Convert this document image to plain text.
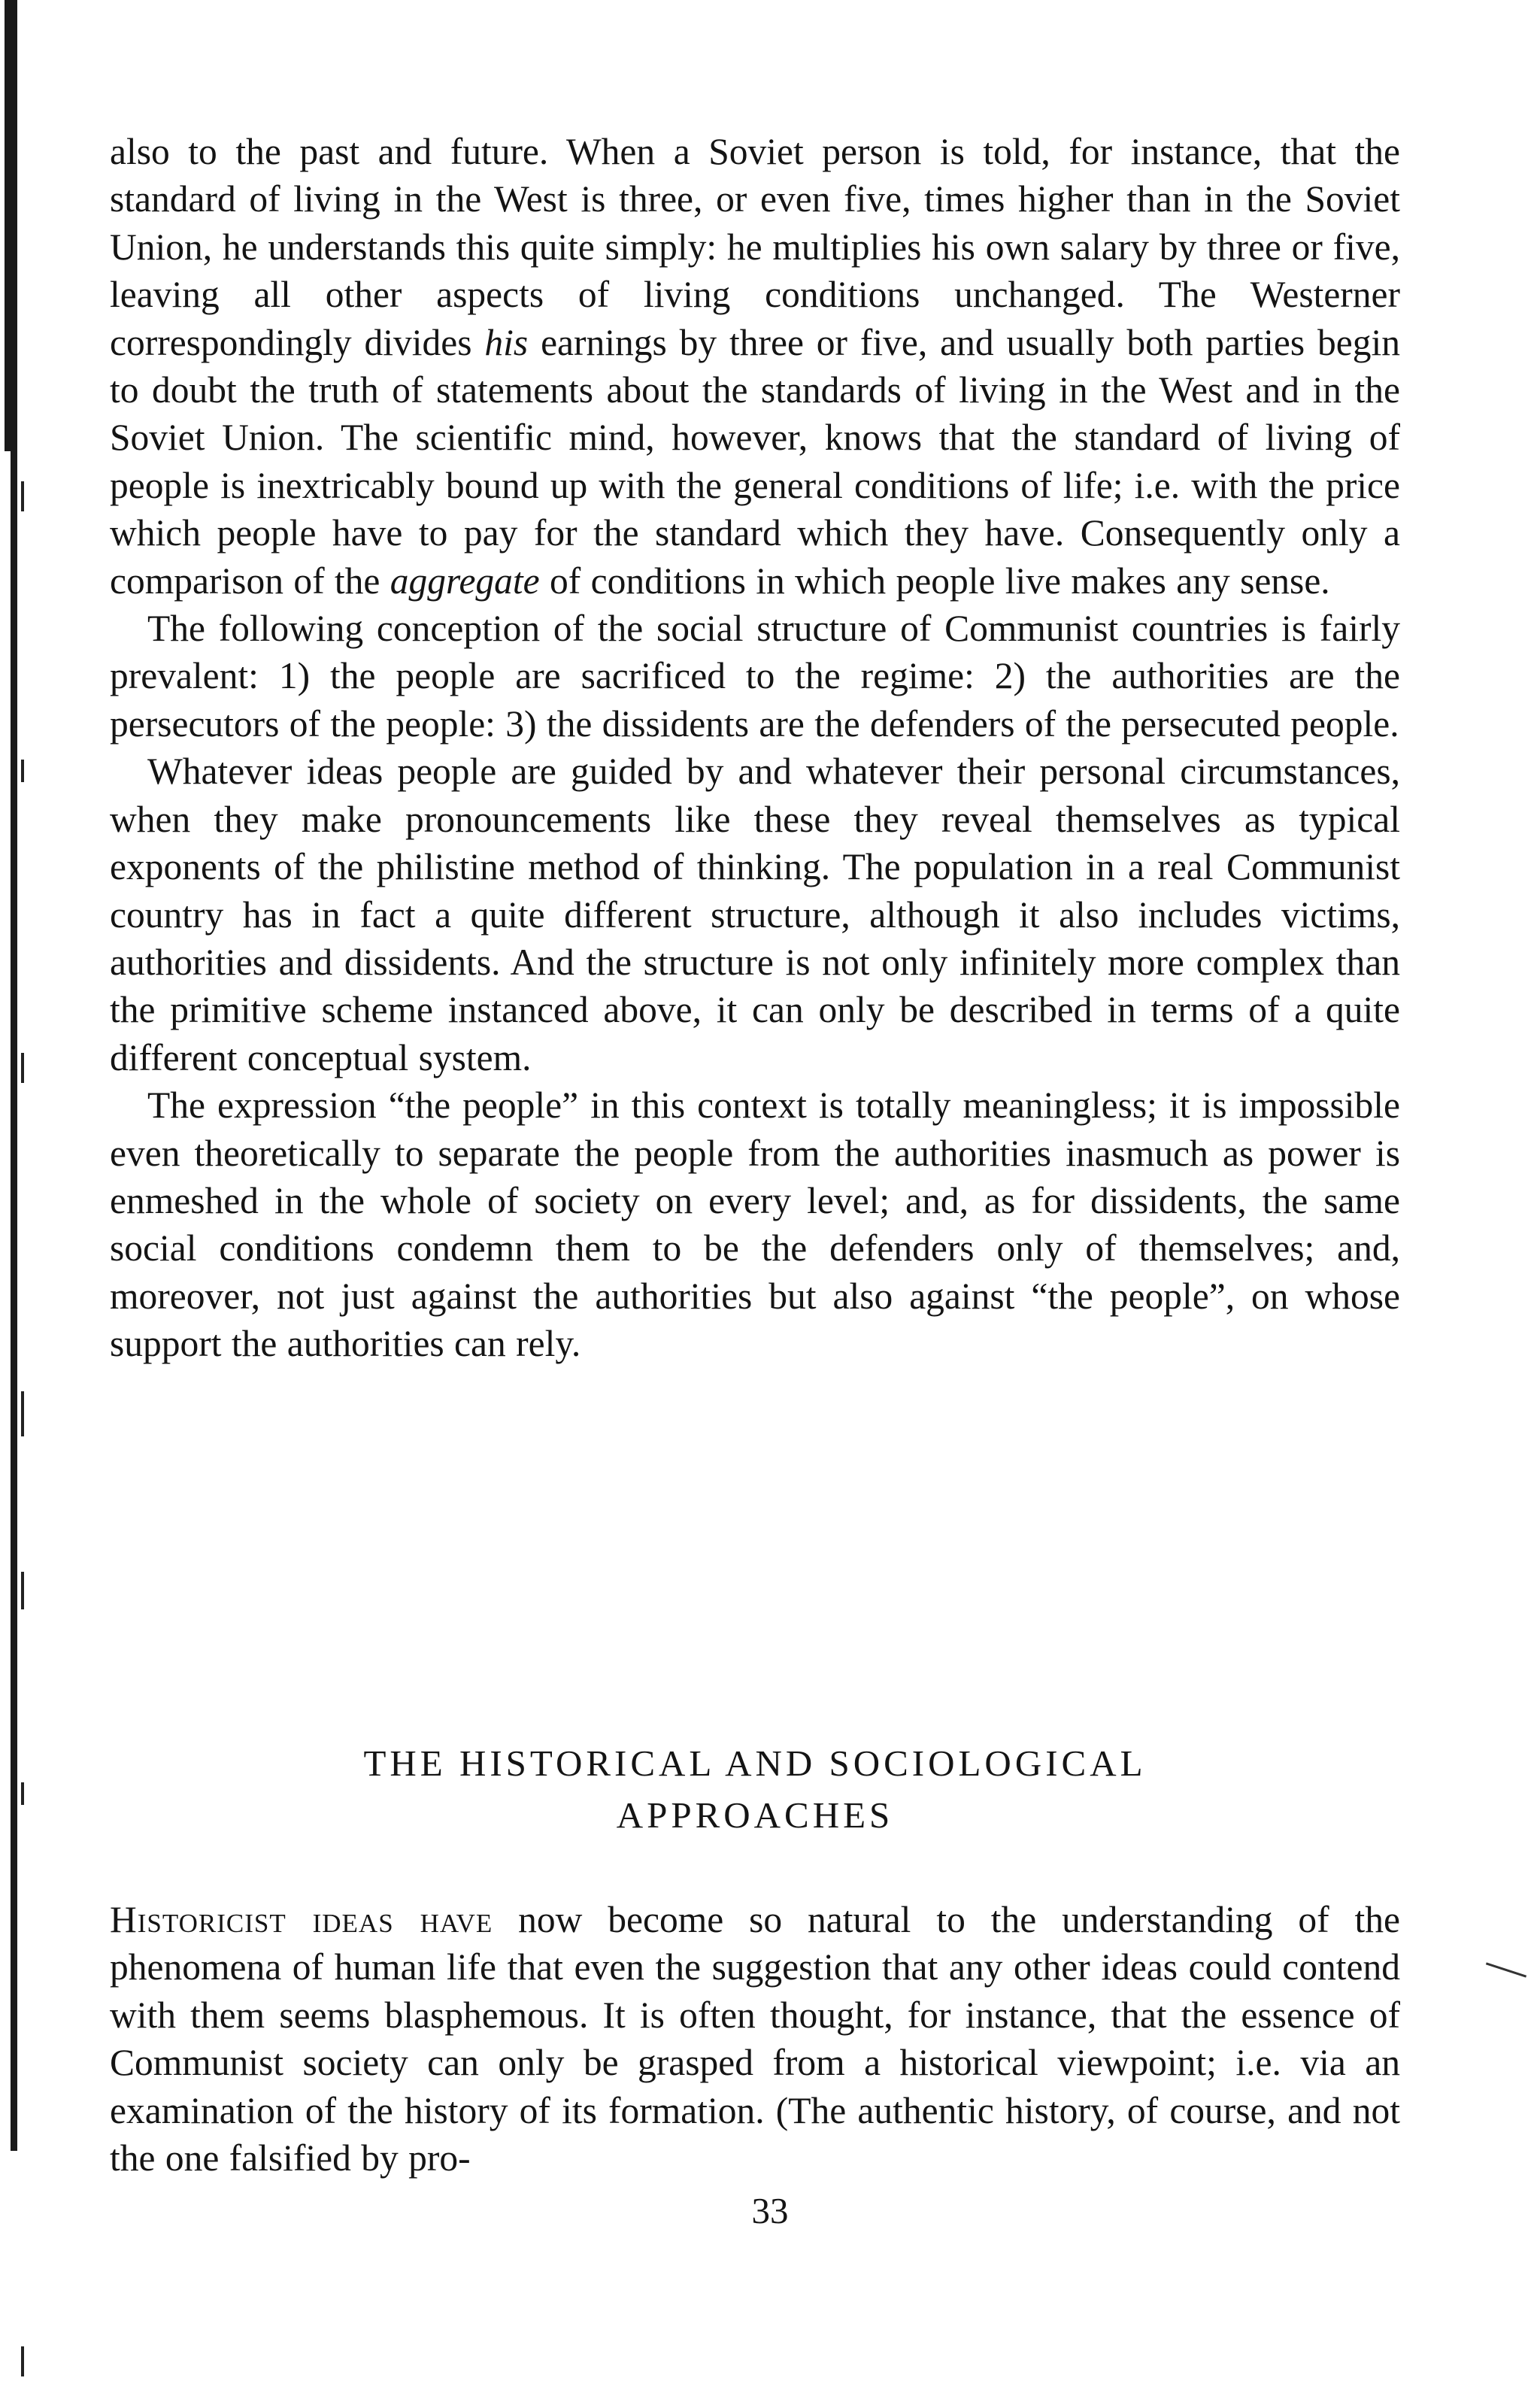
also to the past and future. When a Soviet person is told, for instance, that the standard of living in the West is three, or even five, times higher than in the Soviet Union, he understands this quite simply: he multiplies his own salary by three or five, leaving all other aspects of living conditions unchanged. The Westerner correspondingly divides his earnings by three or five, and usually both parties begin to doubt the truth of statements about the standards of living in the West and in the Soviet Union. The scientific mind, however, knows that the standard of living of people is inextricably bound up with the general conditions of life; i.e. with the price which people have to pay for the standard which they have. Consequently only a comparison of the aggregate of conditions in which people live makes any sense.

The following conception of the social structure of Communist countries is fairly prevalent: 1) the people are sacrificed to the regime: 2) the authorities are the persecutors of the people: 3) the dissidents are the defenders of the persecuted people.

Whatever ideas people are guided by and whatever their personal circumstances, when they make pronouncements like these they reveal themselves as typical exponents of the philistine method of thinking. The population in a real Communist country has in fact a quite different structure, although it also includes victims, authorities and dissidents. And the structure is not only infinitely more complex than the primitive scheme instanced above, it can only be described in terms of a quite different conceptual system.

The expression “the people” in this context is totally meaningless; it is impossible even theoretically to separate the people from the authorities inasmuch as power is enmeshed in the whole of society on every level; and, as for dissidents, the same social conditions condemn them to be the defenders only of themselves; and, moreover, not just against the authorities but also against “the people”, on whose support the authorities can rely.

THE HISTORICAL AND SOCIOLOGICAL
APPROACHES

Historicist ideas have now become so natural to the understanding of the phenomena of human life that even the suggestion that any other ideas could contend with them seems blasphemous. It is often thought, for instance, that the essence of Communist society can only be grasped from a historical viewpoint; i.e. via an examination of the history of its formation. (The authentic history, of course, and not the one falsified by pro-

33
